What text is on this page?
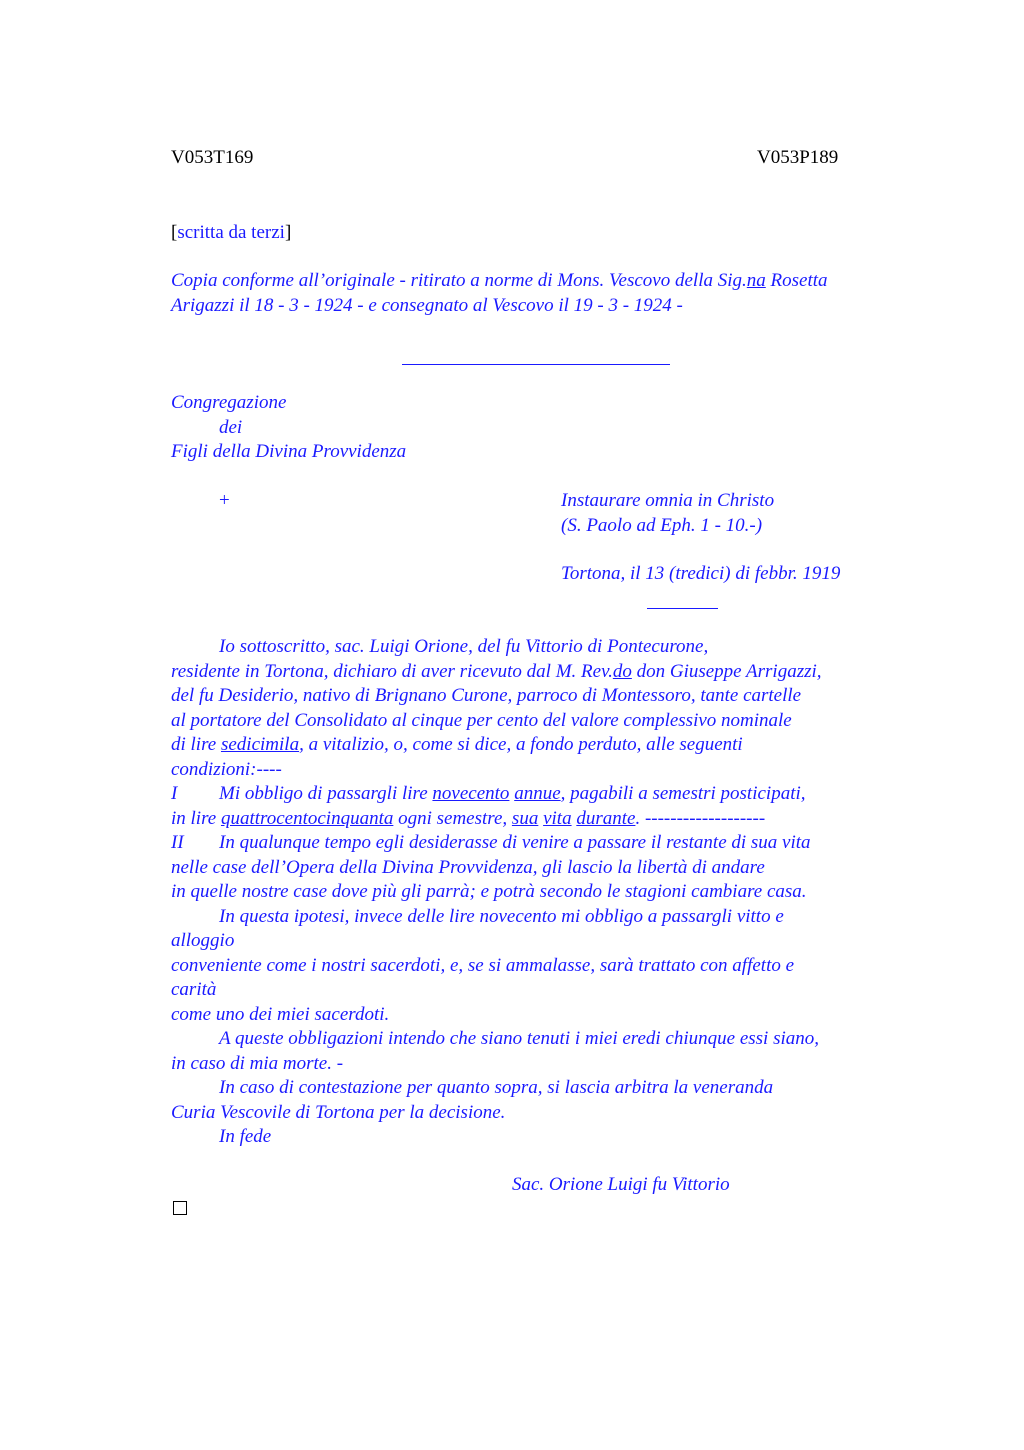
V053T169	V053P189
[scritta da terzi]
Copia conforme all’originale - ritirato a norme di Mons. Vescovo della Sig.na Rosetta
Arigazzi il 18 - 3 - 1924 - e consegnato al Vescovo il 19 - 3 - 1924 -
Congregazione
dei
Figli della Divina Provvidenza
+	Instaurare omnia in Christo
(S. Paolo ad Eph. 1 - 10.-)
Tortona, il 13 (tredici) di febbr. 1919
Io sottoscritto, sac. Luigi Orione, del fu Vittorio di Pontecurone,
residente in Tortona, dichiaro di aver ricevuto dal M. Rev.do don Giuseppe Arrigazzi,
del fu Desiderio, nativo di Brignano Curone, parroco di Montessoro, tante cartelle
al portatore del Consolidato al cinque per cento del valore complessivo nominale
di lire sedicimila, a vitalizio, o, come si dice, a fondo perduto, alle seguenti
condizioni:----
I Mi obbligo di passargli lire novecento annue, pagabili a semestri posticipati,
in lire quattrocentocinquanta ogni semestre, sua vita durante. -------------------
II In qualunque tempo egli desiderasse di venire a passare il restante di sua vita
nelle case dell’Opera della Divina Provvidenza, gli lascio la libertà di andare
in quelle nostre case dove più gli parrà; e potrà secondo le stagioni cambiare casa.
In questa ipotesi, invece delle lire novecento mi obbligo a passargli vitto e
alloggio
conveniente come i nostri sacerdoti, e, se si ammalasse, sarà trattato con affetto e
carità
come uno dei miei sacerdoti.
A queste obbligazioni intendo che siano tenuti i miei eredi chiunque essi siano,
in caso di mia morte. -
In caso di contestazione per quanto sopra, si lascia arbitra la veneranda
Curia Vescovile di Tortona per la decisione.
In fede
Sac. Orione Luigi fu Vittorio
